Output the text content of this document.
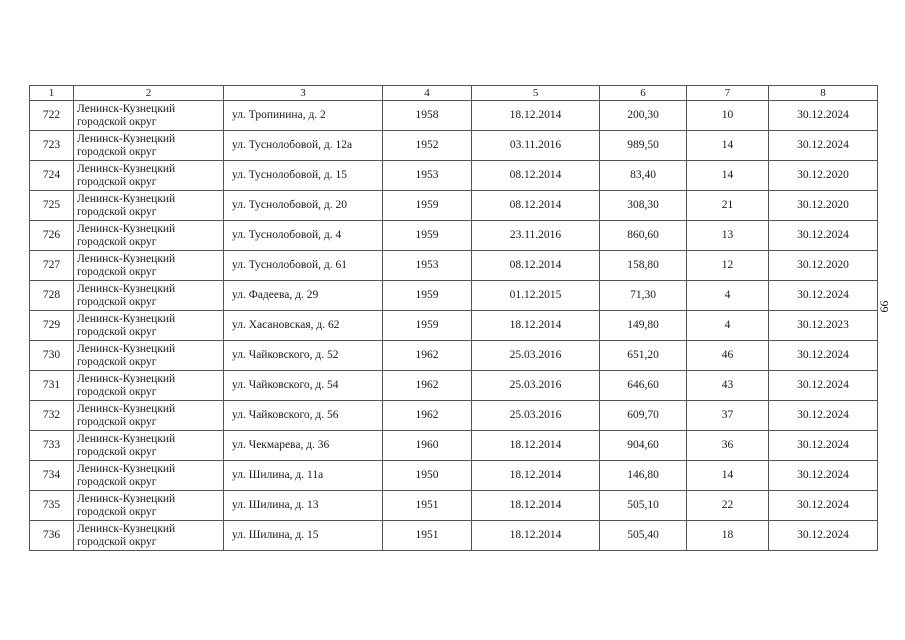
1	2	3	4	5	6	7	8
722	Ленинск-Кузнецкий городской округ	ул. Тропинина, д. 2	1958	18.12.2014	200,30	10	30.12.2024
723	Ленинск-Кузнецкий городской округ	ул. Туснолобовой, д. 12а	1952	03.11.2016	989,50	14	30.12.2024
724	Ленинск-Кузнецкий городской округ	ул. Туснолобовой, д. 15	1953	08.12.2014	83,40	14	30.12.2020
725	Ленинск-Кузнецкий городской округ	ул. Туснолобовой, д. 20	1959	08.12.2014	308,30	21	30.12.2020
726	Ленинск-Кузнецкий городской округ	ул. Туснолобовой, д. 4	1959	23.11.2016	860,60	13	30.12.2024
727	Ленинск-Кузнецкий городской округ	ул. Туснолобовой, д. 61	1953	08.12.2014	158,80	12	30.12.2020
728	Ленинск-Кузнецкий городской округ	ул. Фадеева, д. 29	1959	01.12.2015	71,30	4	30.12.2024
729	Ленинск-Кузнецкий городской округ	ул. Хасановская, д. 62	1959	18.12.2014	149,80	4	30.12.2023
730	Ленинск-Кузнецкий городской округ	ул. Чайковского, д. 52	1962	25.03.2016	651,20	46	30.12.2024
731	Ленинск-Кузнецкий городской округ	ул. Чайковского, д. 54	1962	25.03.2016	646,60	43	30.12.2024
732	Ленинск-Кузнецкий городской округ	ул. Чайковского, д. 56	1962	25.03.2016	609,70	37	30.12.2024
733	Ленинск-Кузнецкий городской округ	ул. Чекмарева, д. 36	1960	18.12.2014	904,60	36	30.12.2024
734	Ленинск-Кузнецкий городской округ	ул. Шилина, д. 11а	1950	18.12.2014	146,80	14	30.12.2024
735	Ленинск-Кузнецкий городской округ	ул. Шилина, д. 13	1951	18.12.2014	505,10	22	30.12.2024
736	Ленинск-Кузнецкий городской округ	ул. Шилина, д. 15	1951	18.12.2014	505,40	18	30.12.2024
99
